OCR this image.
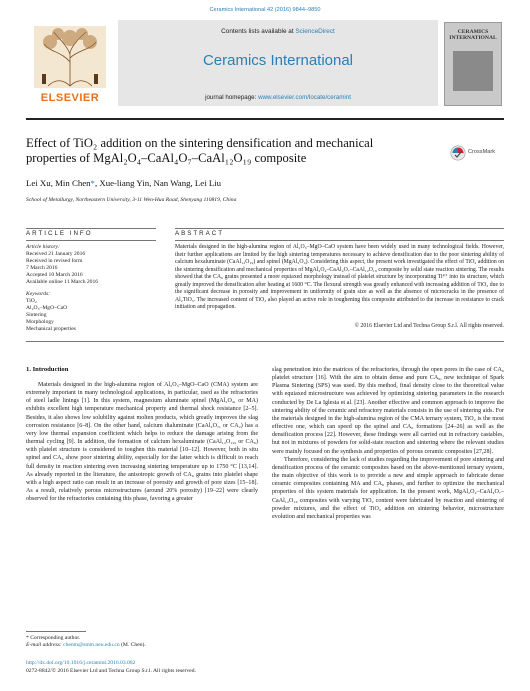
Ceramics International 42 (2016) 9844–9850
ELSEVIER
Contents lists available at ScienceDirect
Ceramics International
journal homepage: www.elsevier.com/locate/ceramint
CERAMICS INTERNATIONAL
Effect of TiO₂ addition on the sintering densification and mechanical properties of MgAl₂O₄–CaAl₄O₇–CaAl₁₂O₁₉ composite	CrossMark
Lei Xu, Min Chen*, Xue-liang Yin, Nan Wang, Lei Liu
School of Metallurgy, Northeastern University, 3-11 Wen-Hua Road, Shenyang 110819, China
ARTICLE INFO	ABSTRACT
Article history:
Received 21 January 2016
Received in revised form
7 March 2016
Accepted 10 March 2016
Available online 11 March 2016
Keywords:
TiO₂
Al₂O₃–MgO–CaO
Sintering
Morphology
Mechanical properties
Materials designed in the high-alumina region of Al₂O₃–MgO–CaO system have been widely used in many technological fields. However, their further applications are limited by the high sintering temperatures necessary to achieve densification due to the poor sintering ability of calcium hexaluminate (CaAl₁₂O₁₉) and spinel (MgAl₂O₄). Considering this aspect, the present work investigated the effect of TiO₂ addition on the sintering densification and mechanical properties of MgAl₂O₄–CaAl₄O₇–CaAl₁₂O₁₉ composite by solid state reaction sintering. The results showed that the CA₆ grains presented a more equiaxed morphology instead of platelet structure by incorporating Ti⁴⁺ into its structure, which greatly improved the densification after heating at 1600 °C. The flexural strength was greatly enhanced with increasing addition of TiO₂ due to the significant decrease in porosity and improvement in uniformity of grain size as well as the absence of microcracks in the presence of Al₂TiO₅. The increased content of TiO₂ also played an active role in toughening this composite attributed to the increase in resistance to crack initiation and propagation.
© 2016 Elsevier Ltd and Techna Group S.r.l. All rights reserved.
1. Introduction

Materials designed in the high-alumina region of Al₂O₃–MgO–CaO (CMA) system are extremely important in many technological applications, in particular, used as the refractories of steel ladle linings [1]. In this system, magnesium aluminate spinel (MgAl₂O₄, or MA) exhibits excellent high temperature mechanical property and thermal shock resistance [2–5]. Besides, it also shows low solubility against molten products, which greatly improves the slag corrosion resistance [6–8]. On the other hand, calcium dialuminate (CaAl₄O₇, or CA₂) has a very low thermal expansion coefficient which helps to reduce the damage arising from the thermal cycling [9]. In addition, the formation of calcium hexaluminate (CaAl₁₂O₁₉, or CA₆) with platelet structure is considered to toughen this material [10–12]. However, both in situ spinel and CA₆ show poor sintering ability, especially for the latter which is difficult to reach full density in reaction sintering even increasing sintering temperature up to 1750 °C [13,14]. As already reported in the literature, the anisotropic growth of CA₆ grains into platelet shape with a high aspect ratio can result in an increase of porosity and growth of pore sizes [15–18]. As a result, relatively porous microstructures (around 20% porosity) [19–22] were clearly observed for the refractories containing this phase, favoring a greater

slag penetration into the matrices of the refractories, through the open pores in the case of CA₆ platelet structure [16]. With the aim to obtain dense and pure CA₆, new technique of Spark Plasma Sintering (SPS) was used. By this method, final density close to the theoretical value with equiaxed microstructure was achieved by optimizing sintering parameters in the research conducted by De La Iglesia et al. [23]. Another effective and common approach to improve the sintering ability of the ceramic and refractory materials consists in the use of sintering aids. For the materials designed in the high-alumina region of the CMA ternary system, TiO₂ is the most effective one, which can speed up the spinel and CA₆ formations [24–26] as well as the densification process [22]. However, these findings were all carried out in refractory castables, but not in mixtures of powders for solid-state reaction and sintering where the relevant studies were mainly focused on the synthesis and properties of porous ceramic composites [27,28].

Therefore, considering the lack of studies regarding the improvement of pore sintering and densification process of the ceramic composites based on the above-mentioned ternary system, the main objective of this work is to provide a new and simple approach to fabricate dense ceramic composites containing MA and CA₆ phases, and further to optimize the mechanical properties of this system materials for application. In the present work, MgAl₂O₄–CaAl₄O₇–CaAl₁₂O₁₉ composites with varying TiO₂ content were fabricated by reaction and sintering of powder mixtures, and the effect of TiO₂ addition on sintering behavior, microstructure evolution and mechanical properties was

* Corresponding author.
E-mail address: chenm@smm.neu.edu.cn (M. Chen).
http://dx.doi.org/10.1016/j.ceramint.2016.03.082
0272-8842/© 2016 Elsevier Ltd and Techna Group S.r.l. All rights reserved.
